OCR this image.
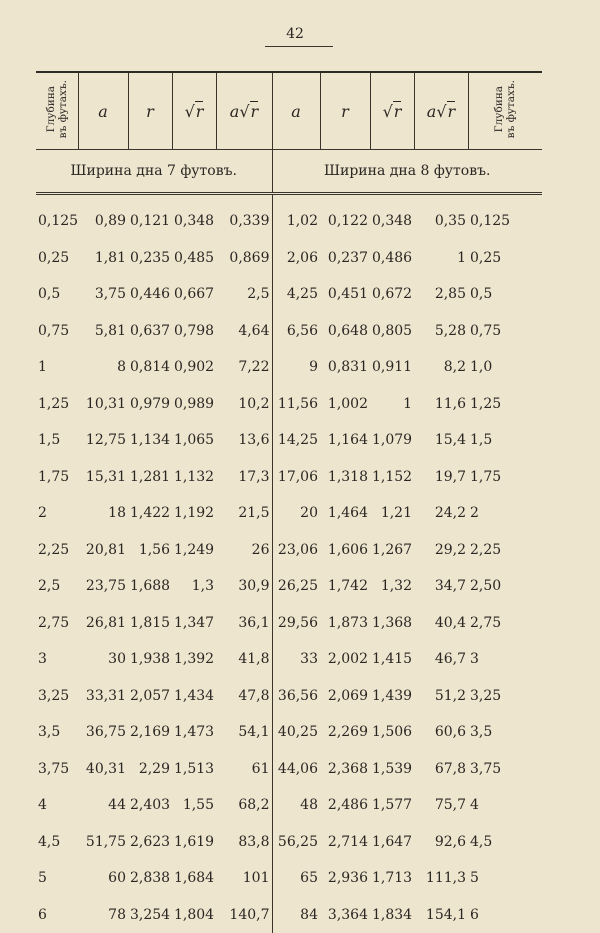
42
Глубина
въ футахъ.	a	r	√r	a√r	a	r	√r	a√r	Глубина
въ футахъ.
Ширина дна 7 футовъ.					Ширина дна 8 футовъ.				

0,125	0,89	0,121	0,348	0,339	1,02	0,122	0,348	0,35	0,125
0,25	1,81	0,235	0,485	0,869	2,06	0,237	0,486	1	0,25
0,5	3,75	0,446	0,667	2,5	4,25	0,451	0,672	2,85	0,5
0,75	5,81	0,637	0,798	4,64	6,56	0,648	0,805	5,28	0,75
1	8	0,814	0,902	7,22	9	0,831	0,911	8,2	1,0
1,25	10,31	0,979	0,989	10,2	11,56	1,002	1	11,6	1,25
1,5	12,75	1,134	1,065	13,6	14,25	1,164	1,079	15,4	1,5
1,75	15,31	1,281	1,132	17,3	17,06	1,318	1,152	19,7	1,75
2	18	1,422	1,192	21,5	20	1,464	1,21	24,2	2
2,25	20,81	1,56	1,249	26	23,06	1,606	1,267	29,2	2,25
2,5	23,75	1,688	1,3	30,9	26,25	1,742	1,32	34,7	2,50
2,75	26,81	1,815	1,347	36,1	29,56	1,873	1,368	40,4	2,75
3	30	1,938	1,392	41,8	33	2,002	1,415	46,7	3
3,25	33,31	2,057	1,434	47,8	36,56	2,069	1,439	51,2	3,25
3,5	36,75	2,169	1,473	54,1	40,25	2,269	1,506	60,6	3,5
3,75	40,31	2,29	1,513	61	44,06	2,368	1,539	67,8	3,75
4	44	2,403	1,55	68,2	48	2,486	1,577	75,7	4
4,5	51,75	2,623	1,619	83,8	56,25	2,714	1,647	92,6	4,5
5	60	2,838	1,684	101	65	2,936	1,713	111,3	5
6	78	3,254	1,804	140,7	84	3,364	1,834	154,1	6
